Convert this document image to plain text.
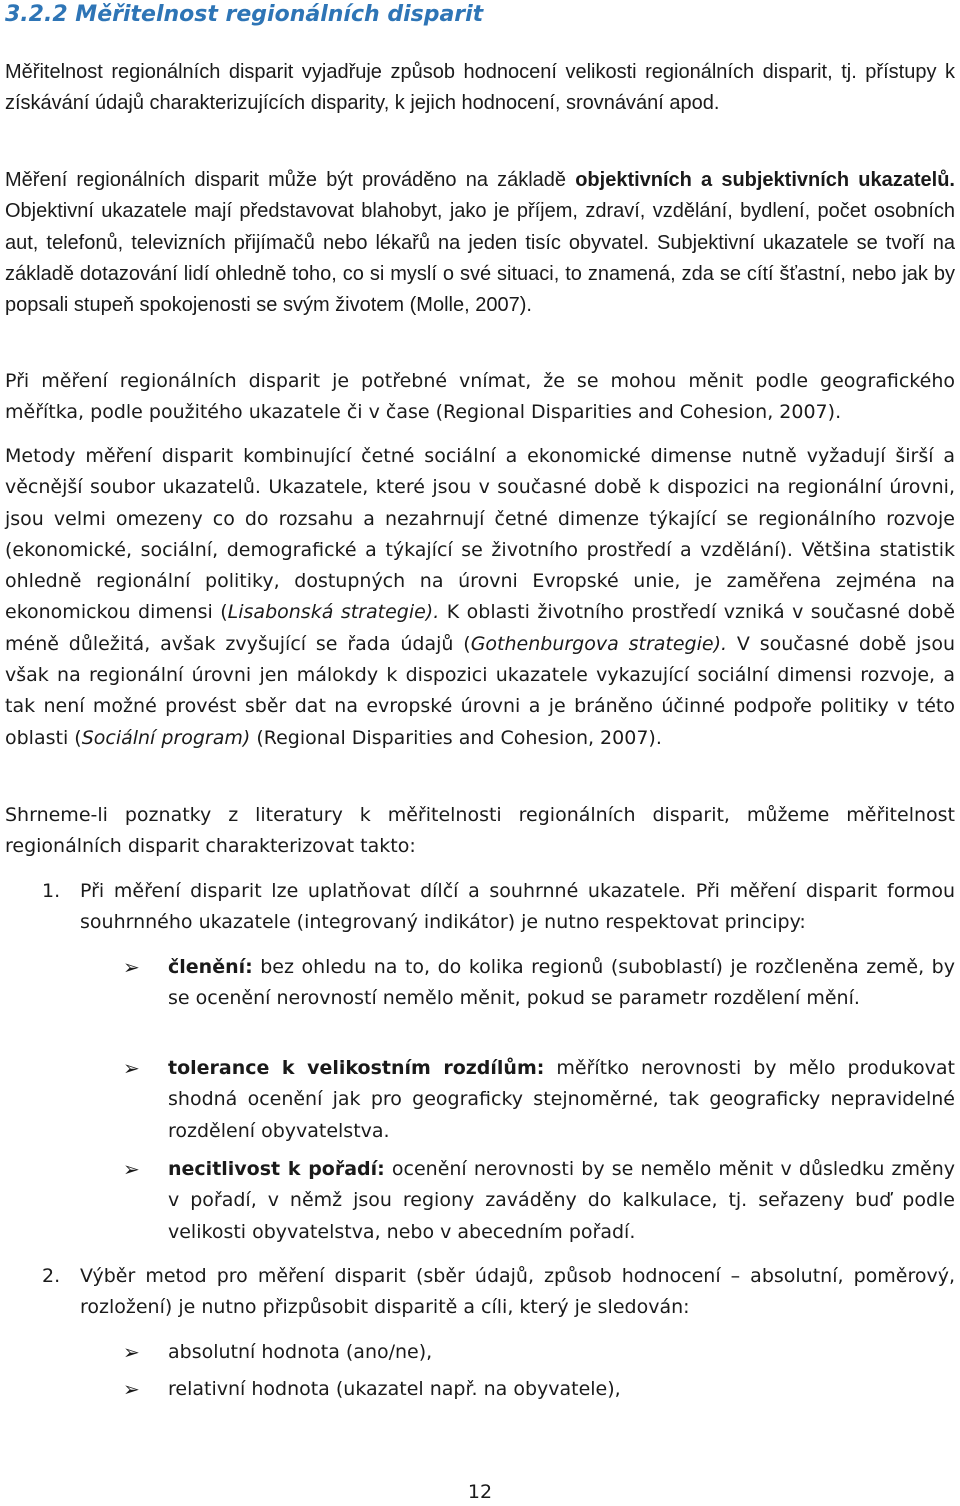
3.2.2 Měřitelnost regionálních disparit

Měřitelnost regionálních disparit vyjadřuje způsob hodnocení velikosti regionálních disparit, tj. přístupy k získávání údajů charakterizujících disparity, k jejich hodnocení, srovnávání apod.

Měření regionálních disparit může být prováděno na základě objektivních a subjektivních ukazatelů. Objektivní ukazatele mají představovat blahobyt, jako je příjem, zdraví, vzdělání, bydlení, počet osobních aut, telefonů, televizních přijímačů nebo lékařů na jeden tisíc obyvatel. Subjektivní ukazatele se tvoří na základě dotazování lidí ohledně toho, co si myslí o své situaci, to znamená, zda se cítí šťastní, nebo jak by popsali stupeň spokojenosti se svým životem (Molle, 2007).

Při měření regionálních disparit je potřebné vnímat, že se mohou měnit podle geografického měřítka, podle použitého ukazatele či v čase (Regional Disparities and Cohesion, 2007).

Metody měření disparit kombinující četné sociální a ekonomické dimense nutně vyžadují širší a věcnější soubor ukazatelů. Ukazatele, které jsou v současné době k dispozici na regionální úrovni, jsou velmi omezeny co do rozsahu a nezahrnují četné dimenze týkající se regionálního rozvoje (ekonomické, sociální, demografické a týkající se životního prostředí a vzdělání). Většina statistik ohledně regionální politiky, dostupných na úrovni Evropské unie, je zaměřena zejména na ekonomickou dimensi (Lisabonská strategie). K oblasti životního prostředí vzniká v současné době méně důležitá, avšak zvyšující se řada údajů (Gothenburgova strategie). V současné době jsou však na regionální úrovni jen málokdy k dispozici ukazatele vykazující sociální dimensi rozvoje, a tak není možné provést sběr dat na evropské úrovni a je bráněno účinné podpoře politiky v této oblasti (Sociální program) (Regional Disparities and Cohesion, 2007).

Shrneme-li poznatky z literatury k měřitelnosti regionálních disparit, můžeme měřitelnost regionálních disparit charakterizovat takto:

1. Při měření disparit lze uplatňovat dílčí a souhrnné ukazatele. Při měření disparit formou souhrnného ukazatele (integrovaný indikátor) je nutno respektovat principy:
➢ členění: bez ohledu na to, do kolika regionů (suboblastí) je rozčleněna země, by se ocenění nerovností nemělo měnit, pokud se parametr rozdělení mění.
➢ tolerance k velikostním rozdílům: měřítko nerovnosti by mělo produkovat shodná ocenění jak pro geograficky stejnoměrné, tak geograficky nepravidelné rozdělení obyvatelstva.
➢ necitlivost k pořadí: ocenění nerovnosti by se nemělo měnit v důsledku změny v pořadí, v němž jsou regiony zaváděny do kalkulace, tj. seřazeny buď podle velikosti obyvatelstva, nebo v abecedním pořadí.
2. Výběr metod pro měření disparit (sběr údajů, způsob hodnocení – absolutní, poměrový, rozložení) je nutno přizpůsobit disparitě a cíli, který je sledován:
➢ absolutní hodnota (ano/ne),
➢ relativní hodnota (ukazatel např. na obyvatele),
12
